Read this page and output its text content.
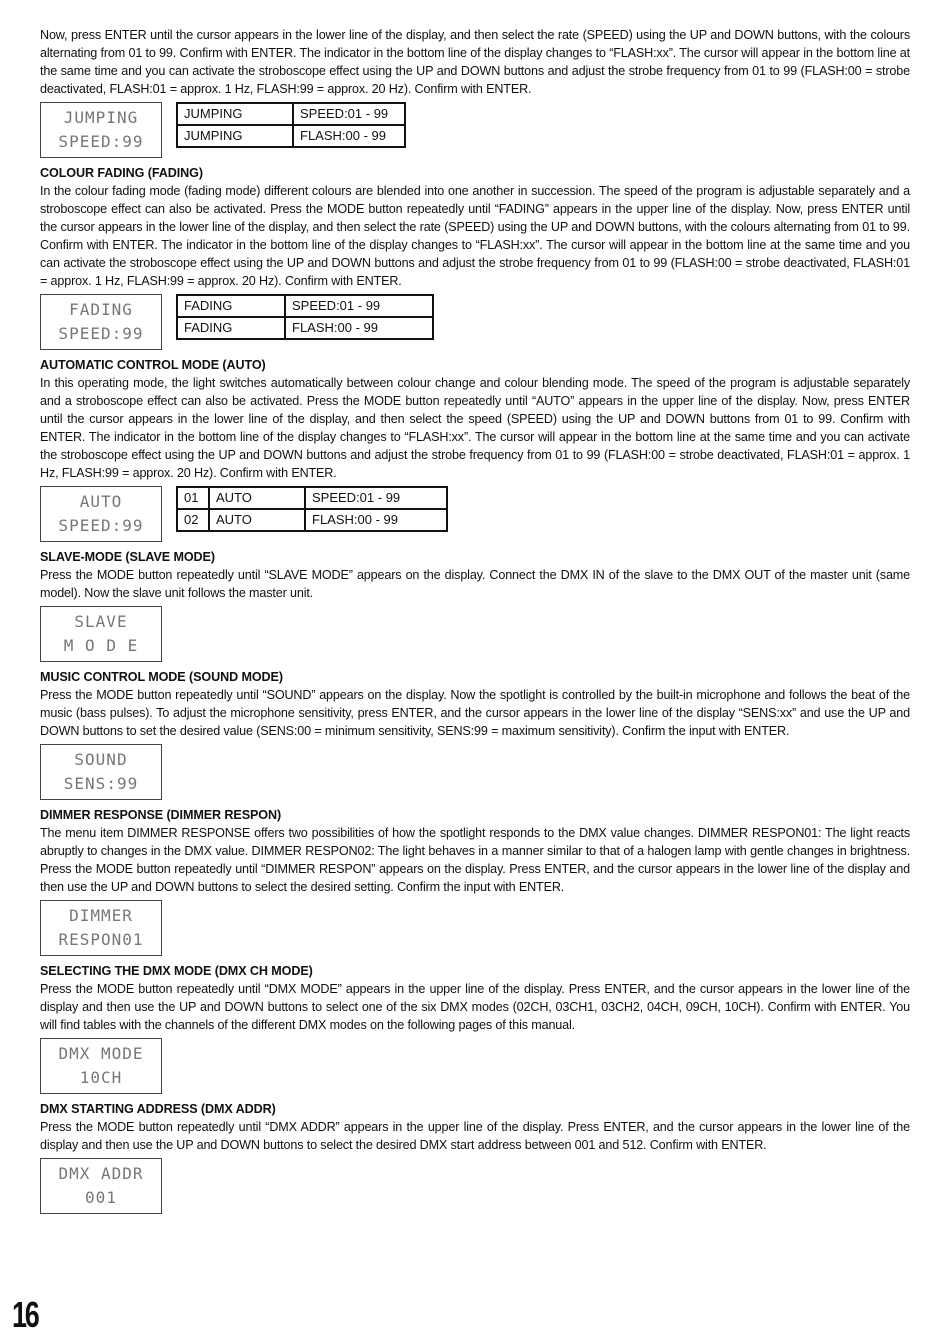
Now, press ENTER until the cursor appears in the lower line of the display, and then select the rate (SPEED) using the UP and DOWN buttons, with the colours alternating from 01 to 99. Confirm with ENTER. The indicator in the bottom line of the display changes to “FLASH:xx”. The cursor will appear in the bottom line at the same time and you can activate the stroboscope effect using the UP and DOWN buttons and adjust the strobe frequency from 01 to 99 (FLASH:00 = strobe deactivated, FLASH:01 = approx. 1 Hz, FLASH:99 = approx. 20 Hz). Confirm with ENTER.

JUMPING
SPEED:99
JUMPING	SPEED:01 - 99
JUMPING	FLASH:00 - 99
COLOUR FADING (FADING)

In the colour fading mode (fading mode) different colours are blended into one another in succession. The speed of the program is adjustable separately and a stroboscope effect can also be activated. Press the MODE button repeatedly until “FADING” appears in the upper line of the display. Now, press ENTER until the cursor appears in the lower line of the display, and then select the rate (SPEED) using the UP and DOWN buttons, with the colours alternating from 01 to 99. Confirm with ENTER. The indicator in the bottom line of the display changes to “FLASH:xx”. The cursor will appear in the bottom line at the same time and you can activate the stroboscope effect using the UP and DOWN buttons and adjust the strobe frequency from 01 to 99 (FLASH:00 = strobe deactivated, FLASH:01 = approx. 1 Hz, FLASH:99 = approx. 20 Hz). Confirm with ENTER.

FADING
SPEED:99
FADING	SPEED:01 - 99
FADING	FLASH:00 - 99
AUTOMATIC CONTROL MODE (AUTO)

In this operating mode, the light switches automatically between colour change and colour blending mode. The speed of the program is adjustable separately and a stroboscope effect can also be activated. Press the MODE button repeatedly until “AUTO” appears in the upper line of the display. Now, press ENTER until the cursor appears in the lower line of the display, and then select the speed (SPEED) using the UP and DOWN buttons from 01 to 99. Confirm with ENTER. The indicator in the bottom line of the display changes to “FLASH:xx”. The cursor will appear in the bottom line at the same time and you can activate the stroboscope effect using the UP and DOWN buttons and adjust the strobe frequency from 01 to 99 (FLASH:00 = strobe deactivated, FLASH:01 = approx. 1 Hz, FLASH:99 = approx. 20 Hz). Confirm with ENTER.

AUTO
SPEED:99
01	AUTO	SPEED:01 - 99
02	AUTO	FLASH:00 - 99
SLAVE-MODE (SLAVE MODE)

Press the MODE button repeatedly until “SLAVE MODE” appears on the display. Connect the DMX IN of the slave to the DMX OUT of the master unit (same model). Now the slave unit follows the master unit.

SLAVE
M O D E
MUSIC CONTROL MODE (SOUND MODE)

Press the MODE button repeatedly until “SOUND” appears on the display. Now the spotlight is controlled by the built-in microphone and follows the beat of the music (bass pulses). To adjust the microphone sensitivity, press ENTER, and the cursor appears in the lower line of the display “SENS:xx” and use the UP and DOWN buttons to set the desired value (SENS:00 = minimum sensitivity, SENS:99 = maximum sensitivity). Confirm the input with ENTER.

SOUND
SENS:99
DIMMER RESPONSE (DIMMER RESPON)

The menu item DIMMER RESPONSE offers two possibilities of how the spotlight responds to the DMX value changes. DIMMER RESPON01: The light reacts abruptly to changes in the DMX value. DIMMER RESPON02: The light behaves in a manner similar to that of a halogen lamp with gentle changes in brightness. Press the MODE button repeatedly until “DIMMER RESPON” appears on the display. Press ENTER, and the cursor appears in the lower line of the display and then use the UP and DOWN buttons to select the desired setting. Confirm the input with ENTER.

DIMMER
RESPON01
SELECTING THE DMX MODE (DMX CH MODE)

Press the MODE button repeatedly until “DMX MODE” appears in the upper line of the display. Press ENTER, and the cursor appears in the lower line of the display and then use the UP and DOWN buttons to select one of the six DMX modes (02CH, 03CH1, 03CH2, 04CH, 09CH, 10CH). Confirm with ENTER. You will find tables with the channels of the different DMX modes on the following pages of this manual.

DMX MODE
10CH
DMX STARTING ADDRESS (DMX ADDR)

Press the MODE button repeatedly until “DMX ADDR” appears in the upper line of the display. Press ENTER, and the cursor appears in the lower line of the display and then use the UP and DOWN buttons to select the desired DMX start address between 001 and 512. Confirm with ENTER.

DMX ADDR
001
16
